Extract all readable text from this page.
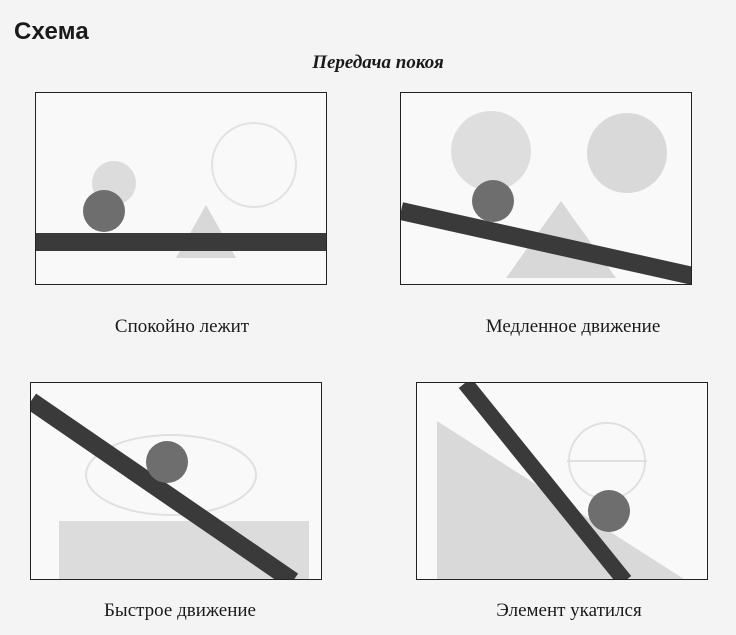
Схема
Передача покоя
Спокойно лежит	Медленное движение
Быстрое движение	Элемент укатился
